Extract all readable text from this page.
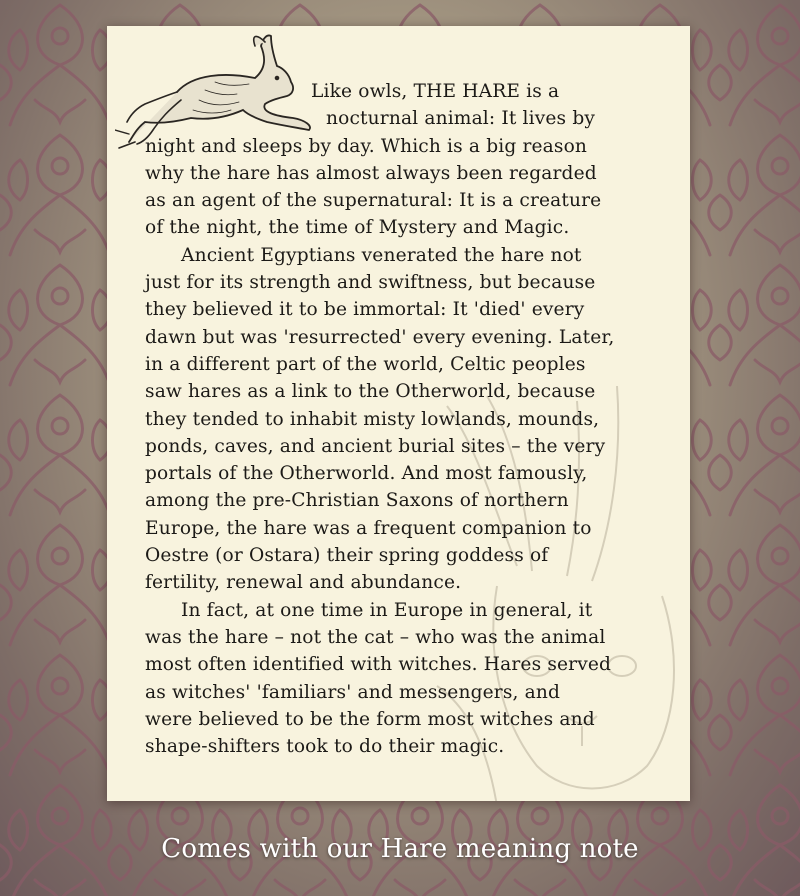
Like owls, THE HARE is a
nocturnal animal: It lives by
night and sleeps by day. Which is a big reason
why the hare has almost always been regarded
as an agent of the supernatural: It is a creature
of the night, the time of Mystery and Magic.
Ancient Egyptians venerated the hare not
just for its strength and swiftness, but because
they believed it to be immortal: It 'died' every
dawn but was 'resurrected' every evening. Later,
in a different part of the world, Celtic peoples
saw hares as a link to the Otherworld, because
they tended to inhabit misty lowlands, mounds,
ponds, caves, and ancient burial sites – the very
portals of the Otherworld. And most famously,
among the pre-Christian Saxons of northern
Europe, the hare was a frequent companion to
Oestre (or Ostara) their spring goddess of
fertility, renewal and abundance.
In fact, at one time in Europe in general, it
was the hare – not the cat – who was the animal
most often identified with witches. Hares served
as witches' 'familiars' and messengers, and
were believed to be the form most witches and
shape-shifters took to do their magic.
Comes with our Hare meaning note
